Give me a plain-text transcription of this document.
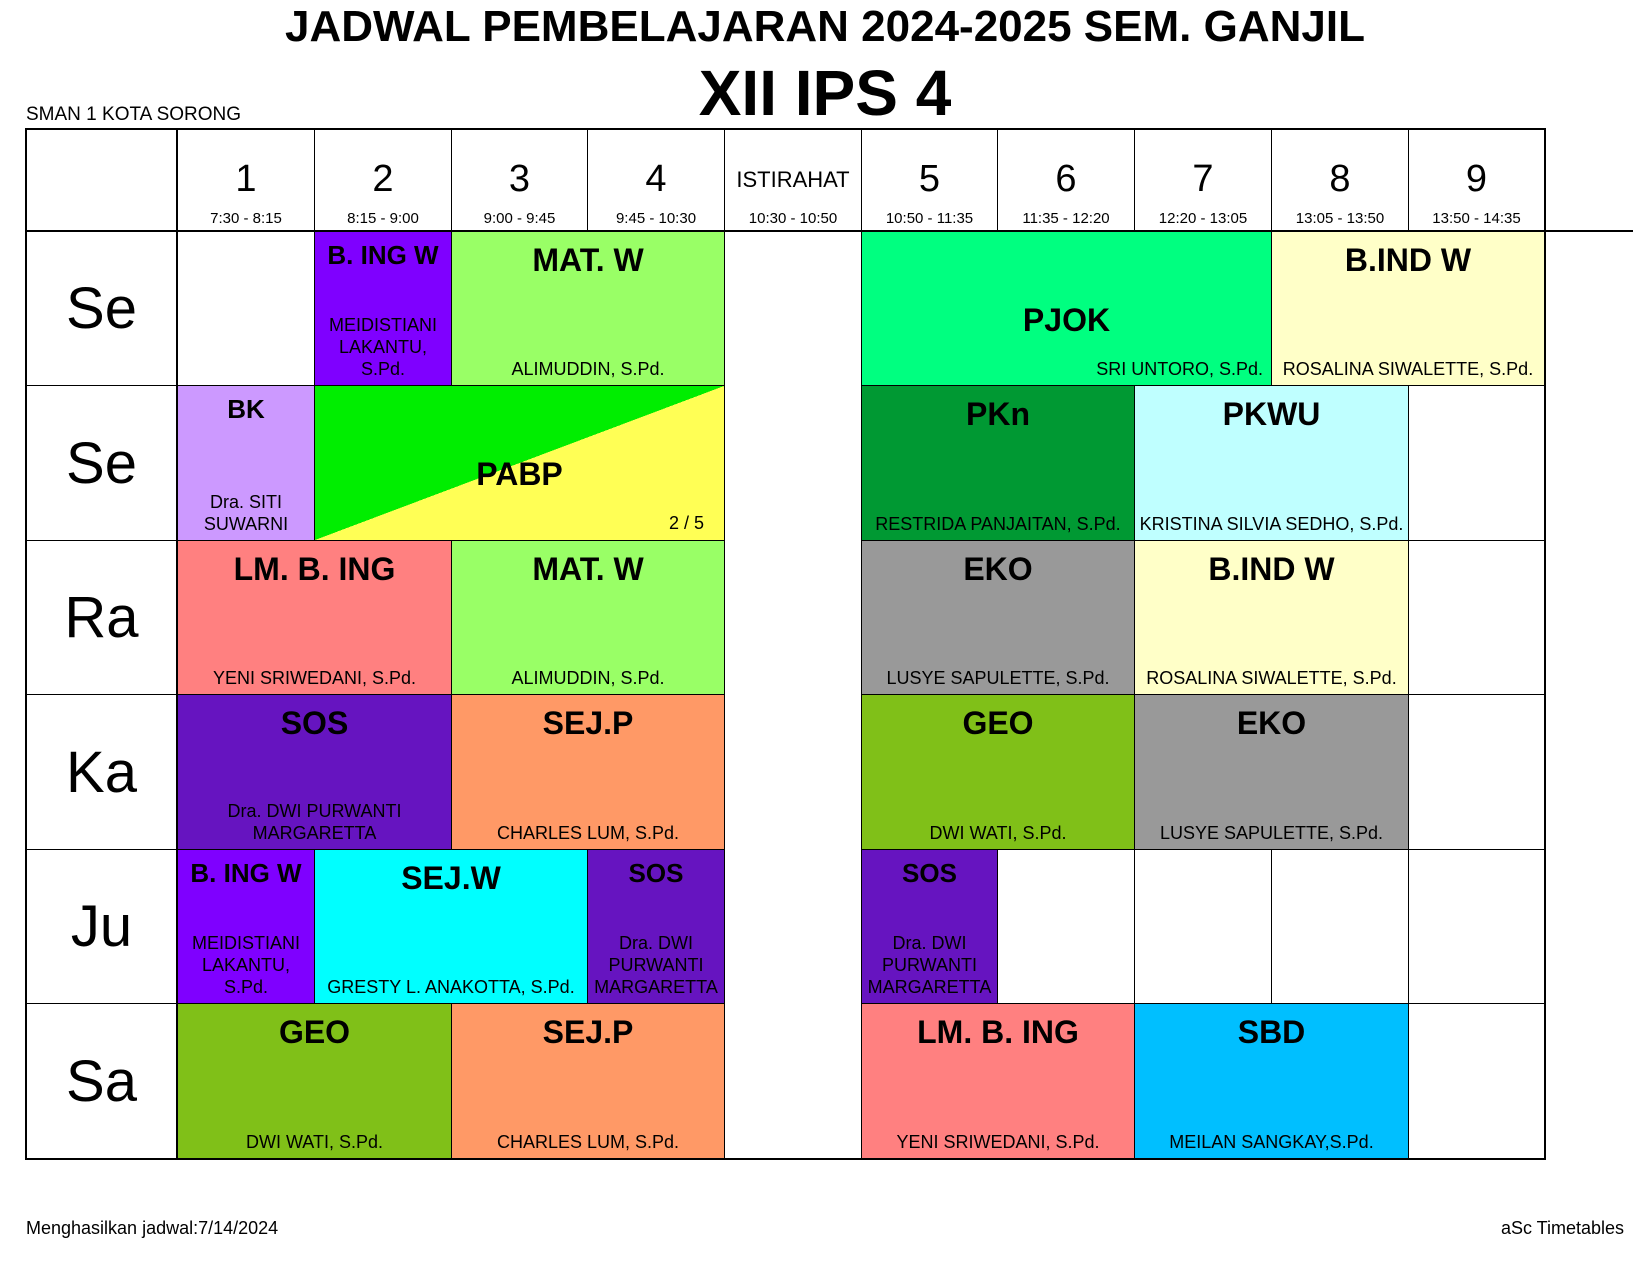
JADWAL PEMBELAJARAN 2024-2025 SEM. GANJIL
XII IPS 4
SMAN 1 KOTA SORONG
1
7:30 - 8:15
2
8:15 - 9:00
3
9:00 - 9:45
4
9:45 - 10:30
ISTIRAHAT
10:30 - 10:50
5
10:50 - 11:35
6
11:35 - 12:20
7
12:20 - 13:05
8
13:05 - 13:50
9
13:50 - 14:35
Se
Se
Ra
Ka
Ju
Sa
B. ING W
MEIDISTIANI LAKANTU, S.Pd.
MAT. W
ALIMUDDIN, S.Pd.
PJOK
SRI UNTORO, S.Pd.
B.IND W
ROSALINA SIWALETTE, S.Pd.
BK
Dra. SITI SUWARNI
PABP
2 / 5
PKn
RESTRIDA PANJAITAN, S.Pd.
PKWU
KRISTINA SILVIA SEDHO, S.Pd.
LM. B. ING
YENI SRIWEDANI, S.Pd.
MAT. W
ALIMUDDIN, S.Pd.
EKO
LUSYE SAPULETTE, S.Pd.
B.IND W
ROSALINA SIWALETTE, S.Pd.
SOS
Dra. DWI PURWANTI MARGARETTA
SEJ.P
CHARLES LUM, S.Pd.
GEO
DWI WATI, S.Pd.
EKO
LUSYE SAPULETTE, S.Pd.
B. ING W
MEIDISTIANI LAKANTU, S.Pd.
SEJ.W
GRESTY L. ANAKOTTA, S.Pd.
SOS
Dra. DWI PURWANTI MARGARETTA
SOS
Dra. DWI PURWANTI MARGARETTA
GEO
DWI WATI, S.Pd.
SEJ.P
CHARLES LUM, S.Pd.
LM. B. ING
YENI SRIWEDANI, S.Pd.
SBD
MEILAN SANGKAY,S.Pd.
Menghasilkan jadwal:7/14/2024	aSc Timetables
